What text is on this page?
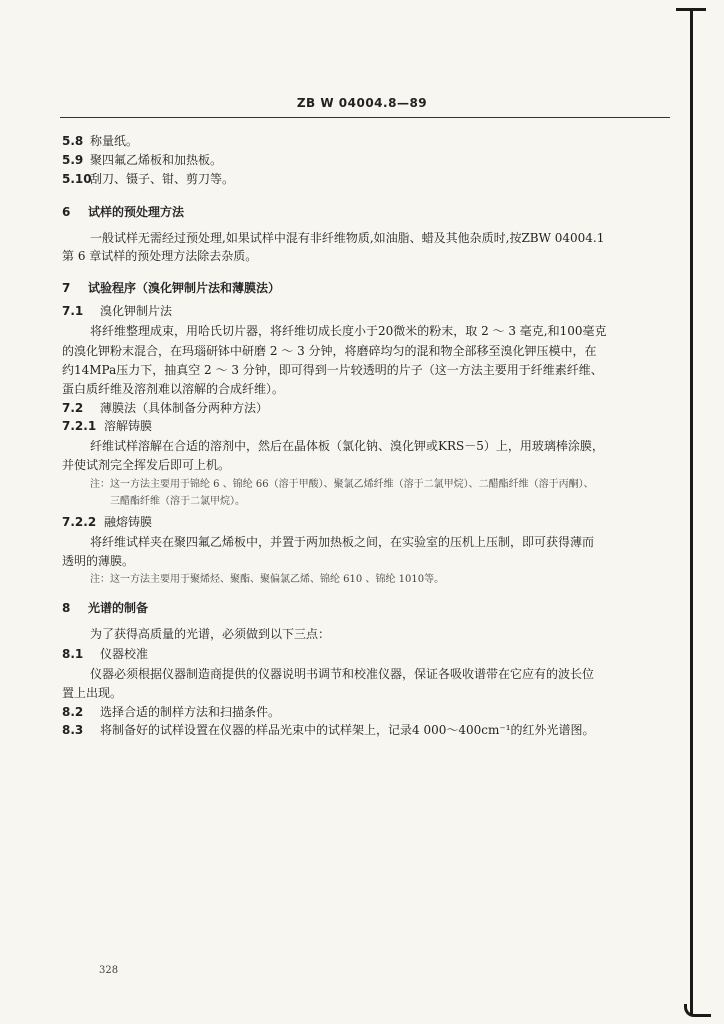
ZB W 04004.8—89
5.8 称量纸。
5.9 聚四氟乙烯板和加热板。
5.10刮刀、镊子、钳、剪刀等。
6 试样的预处理方法
一般试样无需经过预处理,如果试样中混有非纤维物质,如油脂、蜡及其他杂质时,按ZBW 04004.1
第 6 章试样的预处理方法除去杂质。
7 试验程序（溴化钾制片法和薄膜法）
7.1 溴化钾制片法
将纤维整理成束，用哈氏切片器，将纤维切成长度小于20微米的粉末，取 2 ～ 3 毫克,和100毫克
的溴化钾粉末混合，在玛瑙研钵中研磨 2 ～ 3 分钟，将磨碎均匀的混和物全部移至溴化钾压模中，在
约14MPa压力下，抽真空 2 ～ 3 分钟，即可得到一片较透明的片子（这一方法主要用于纤维素纤维、
蛋白质纤维及溶剂难以溶解的合成纤维）。
7.2 薄膜法（具体制备分两种方法）
7.2.1 溶解铸膜
纤维试样溶解在合适的溶剂中，然后在晶体板（氯化钠、溴化钾或KRS－5）上，用玻璃棒涂膜，
并使试剂完全挥发后即可上机。
注：这一方法主要用于锦纶 6 、锦纶 66（溶于甲酸）、聚氯乙烯纤维（溶于二氯甲烷）、二醋酯纤维（溶于丙酮）、
三醋酯纤维（溶于二氯甲烷）。
7.2.2 融熔铸膜
将纤维试样夹在聚四氟乙烯板中，并置于两加热板之间，在实验室的压机上压制，即可获得薄而
透明的薄膜。
注：这一方法主要用于聚烯烃、聚酯、聚偏氯乙烯、锦纶 610 、锦纶 1010等。
8 光谱的制备
为了获得高质量的光谱，必须做到以下三点：
8.1 仪器校准
仪器必须根据仪器制造商提供的仪器说明书调节和校准仪器，保证各吸收谱带在它应有的波长位
置上出现。
8.2 选择合适的制样方法和扫描条件。
8.3 将制备好的试样设置在仪器的样品光束中的试样架上，记录4 000～400cm⁻¹的红外光谱图。
328
